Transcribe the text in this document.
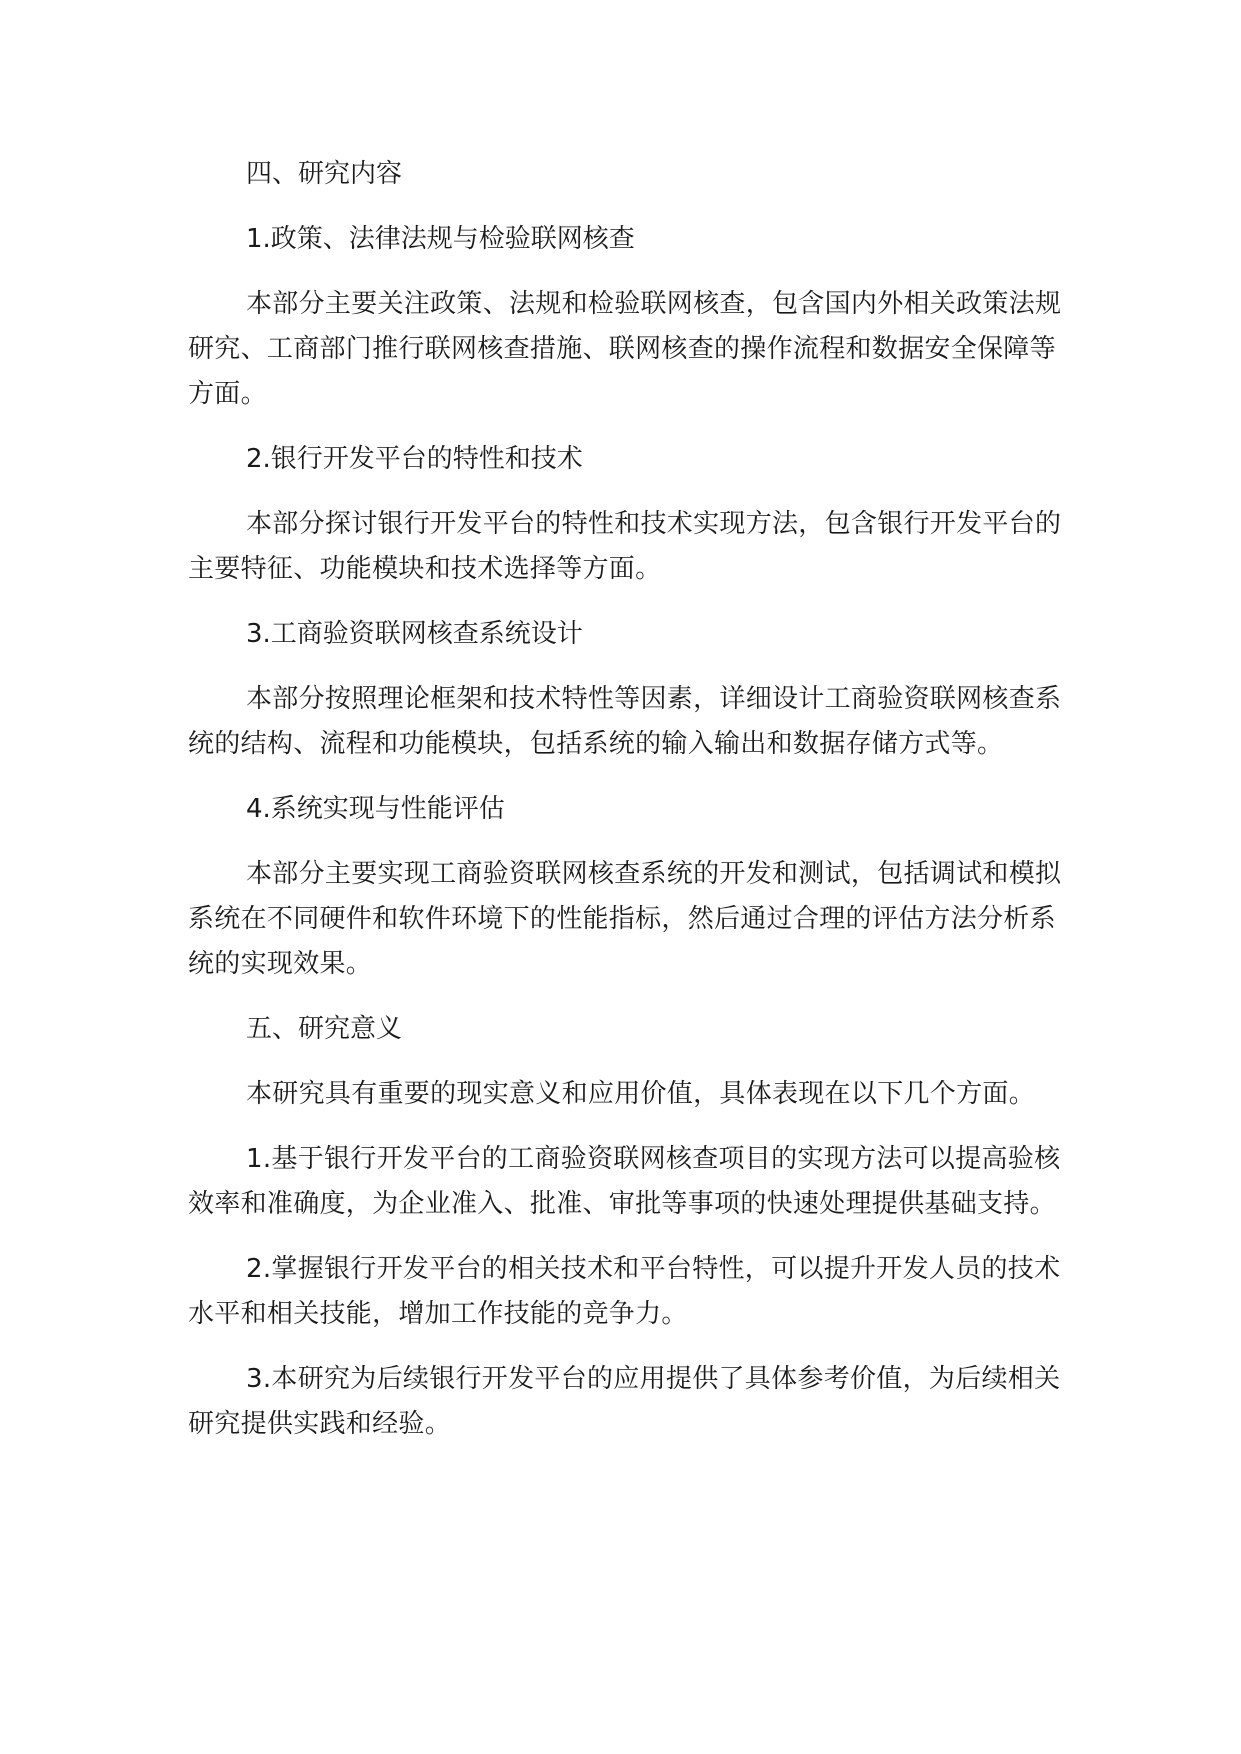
四、研究内容

1.政策、法律法规与检验联网核查

本部分主要关注政策、法规和检验联网核查，包含国内外相关政策法规研究、工商部门推行联网核查措施、联网核查的操作流程和数据安全保障等方面。

2.银行开发平台的特性和技术

本部分探讨银行开发平台的特性和技术实现方法，包含银行开发平台的主要特征、功能模块和技术选择等方面。

3.工商验资联网核查系统设计

本部分按照理论框架和技术特性等因素，详细设计工商验资联网核查系统的结构、流程和功能模块，包括系统的输入输出和数据存储方式等。

4.系统实现与性能评估

本部分主要实现工商验资联网核查系统的开发和测试，包括调试和模拟系统在不同硬件和软件环境下的性能指标，然后通过合理的评估方法分析系统的实现效果。

五、研究意义

本研究具有重要的现实意义和应用价值，具体表现在以下几个方面。

1.基于银行开发平台的工商验资联网核查项目的实现方法可以提高验核效率和准确度，为企业准入、批准、审批等事项的快速处理提供基础支持。

2.掌握银行开发平台的相关技术和平台特性，可以提升开发人员的技术水平和相关技能，增加工作技能的竞争力。

3.本研究为后续银行开发平台的应用提供了具体参考价值，为后续相关研究提供实践和经验。
